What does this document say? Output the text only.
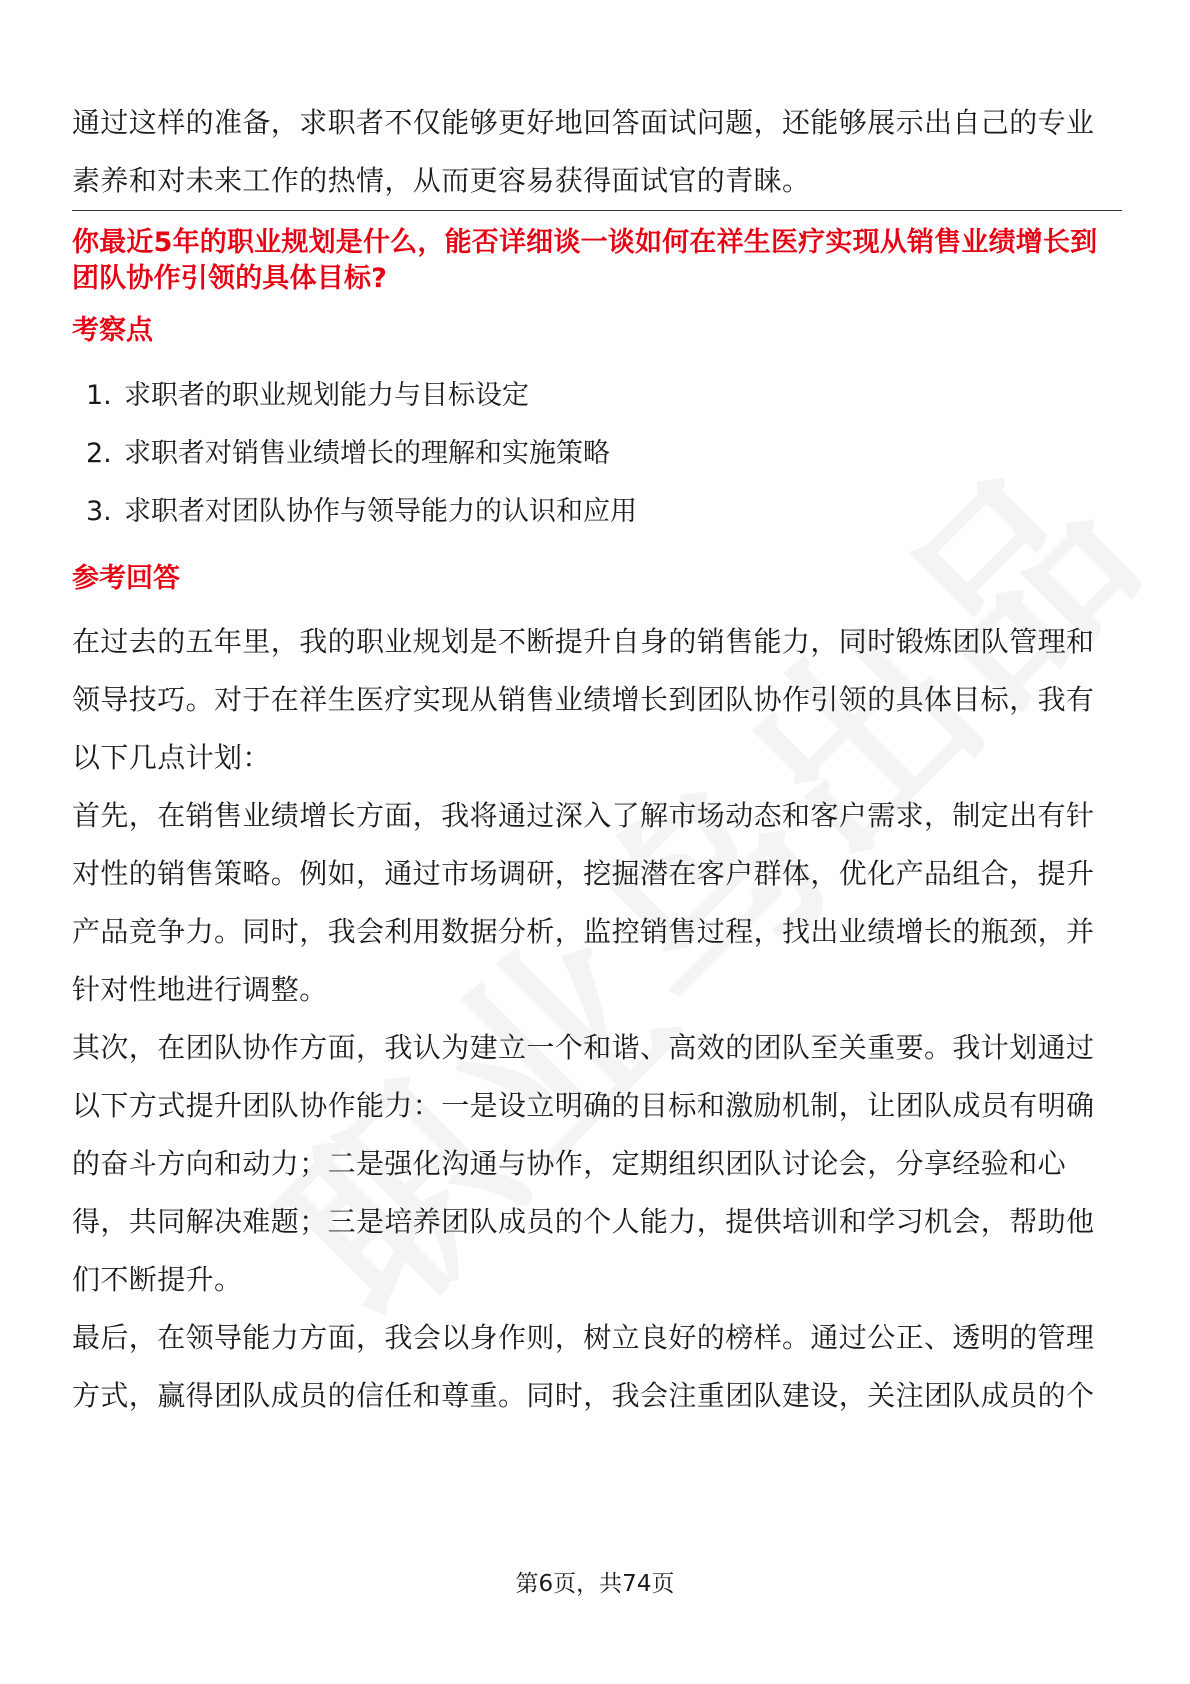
通过这样的准备，求职者不仅能够更好地回答面试问题，还能够展示出自己的专业素养和对未来工作的热情，从而更容易获得面试官的青睐。

你最近5年的职业规划是什么，能否详细谈一谈如何在祥生医疗实现从销售业绩增长到团队协作引领的具体目标?

考察点
1. 求职者的职业规划能力与目标设定
2. 求职者对销售业绩增长的理解和实施策略
3. 求职者对团队协作与领导能力的认识和应用
参考回答

在过去的五年里，我的职业规划是不断提升自身的销售能力，同时锻炼团队管理和领导技巧。对于在祥生医疗实现从销售业绩增长到团队协作引领的具体目标，我有以下几点计划：

首先，在销售业绩增长方面，我将通过深入了解市场动态和客户需求，制定出有针对性的销售策略。例如，通过市场调研，挖掘潜在客户群体，优化产品组合，提升产品竞争力。同时，我会利用数据分析，监控销售过程，找出业绩增长的瓶颈，并针对性地进行调整。

其次，在团队协作方面，我认为建立一个和谐、高效的团队至关重要。我计划通过以下方式提升团队协作能力：一是设立明确的目标和激励机制，让团队成员有明确的奋斗方向和动力；二是强化沟通与协作，定期组织团队讨论会，分享经验和心得，共同解决难题；三是培养团队成员的个人能力，提供培训和学习机会，帮助他们不断提升。

最后，在领导能力方面，我会以身作则，树立良好的榜样。通过公正、透明的管理方式，赢得团队成员的信任和尊重。同时，我会注重团队建设，关注团队成员的个

第6页，共74页
